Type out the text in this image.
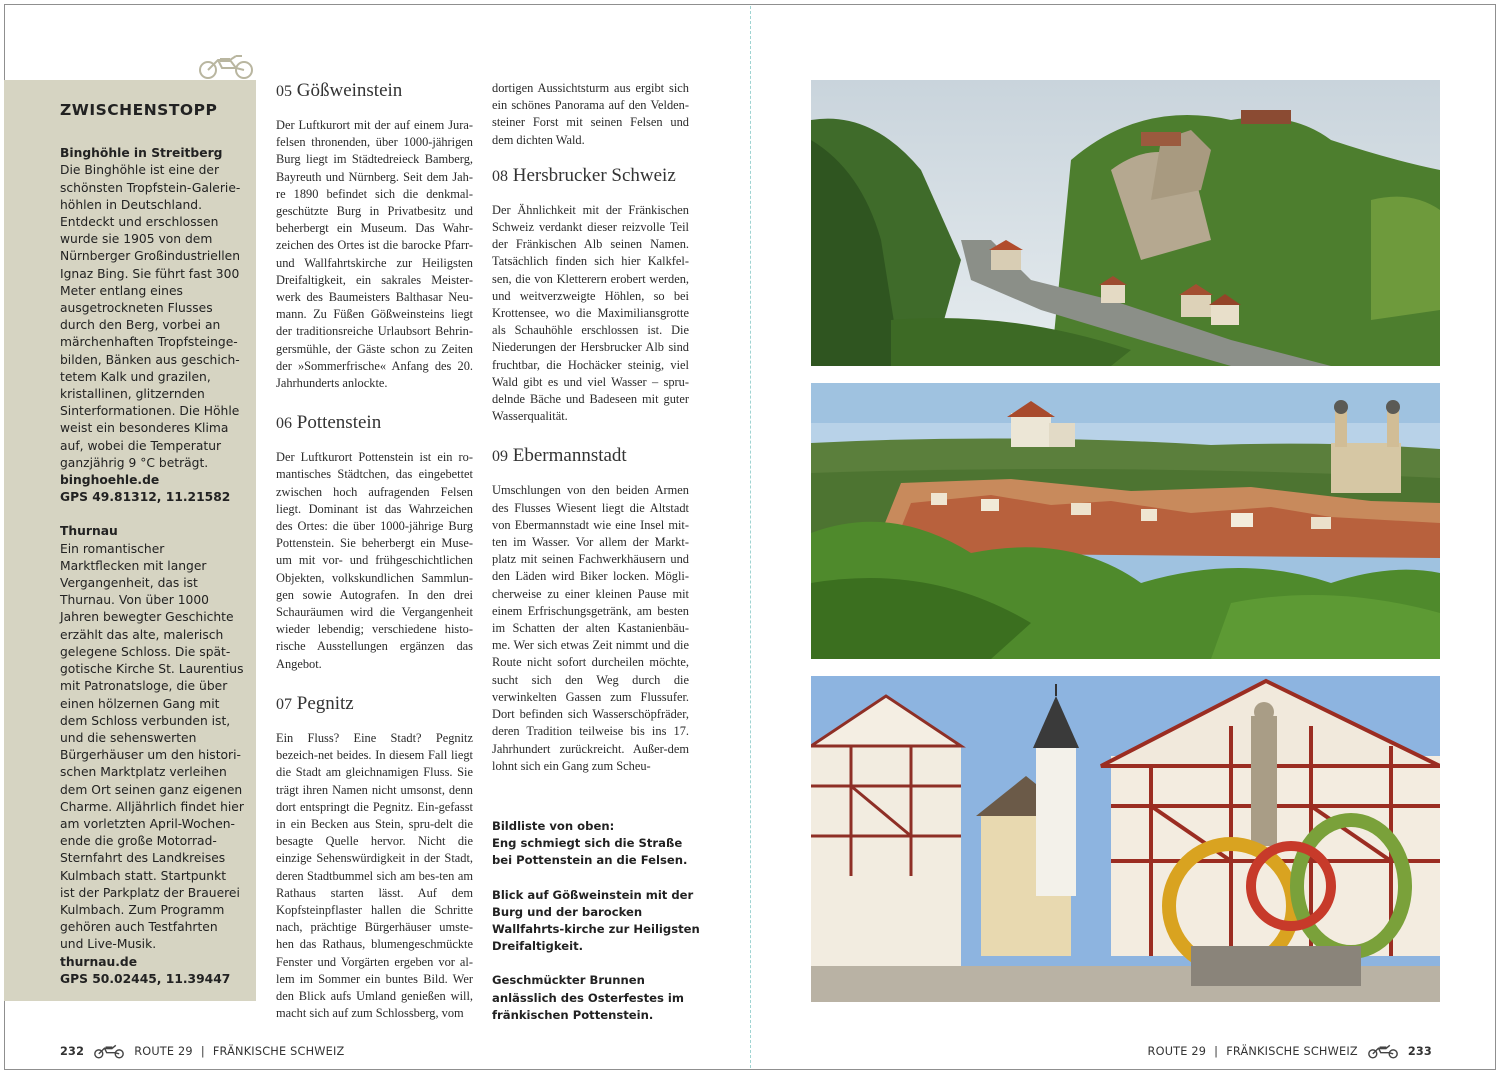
ZWISCHENSTOPP

Binghöhle in Streitberg

Die Binghöhle ist eine der schönsten Tropfstein-Galerie-höhlen in Deutschland. Entdeckt und erschlossen wurde sie 1905 von dem Nürnberger Großindustriellen Ignaz Bing. Sie führt fast 300 Meter entlang eines ausgetrockneten Flusses durch den Berg, vorbei an märchenhaften Tropfsteinge-bilden, Bänken aus geschich-tetem Kalk und grazilen, kristallinen, glitzernden Sinterformationen. Die Höhle weist ein besonderes Klima auf, wobei die Temperatur ganzjährig 9 °C beträgt.

binghoehle.de

GPS 49.81312, 11.21582

Thurnau

Ein romantischer Marktflecken mit langer Vergangenheit, das ist Thurnau. Von über 1000 Jahren bewegter Geschichte erzählt das alte, malerisch gelegene Schloss. Die spät-gotische Kirche St. Laurentius mit Patronatsloge, die über einen hölzernen Gang mit dem Schloss verbunden ist, und die sehenswerten Bürgerhäuser um den histori-schen Marktplatz verleihen dem Ort seinen ganz eigenen Charme. Alljährlich findet hier am vorletzten April-Wochen-ende die große Motorrad-Sternfahrt des Landkreises Kulmbach statt. Startpunkt ist der Parkplatz der Brauerei Kulmbach. Zum Programm gehören auch Testfahrten und Live-Musik.

thurnau.de

GPS 50.02445, 11.39447

05 Gößweinstein

Der Luftkurort mit der auf einem Jura-felsen thronenden, über 1000-jährigen Burg liegt im Städtedreieck Bamberg, Bayreuth und Nürnberg. Seit dem Jah-re 1890 befindet sich die denkmal-geschützte Burg in Privatbesitz und beherbergt ein Museum. Das Wahr-zeichen des Ortes ist die barocke Pfarr- und Wallfahrtskirche zur Heiligsten Dreifaltigkeit, ein sakrales Meister-werk des Baumeisters Balthasar Neu-mann. Zu Füßen Gößweinsteins liegt der traditionsreiche Urlaubsort Behrin-gersmühle, der Gäste schon zu Zeiten der »Sommerfrische« Anfang des 20. Jahrhunderts anlockte.

06 Pottenstein

Der Luftkurort Pottenstein ist ein ro-mantisches Städtchen, das eingebettet zwischen hoch aufragenden Felsen liegt. Dominant ist das Wahrzeichen des Ortes: die über 1000-jährige Burg Pottenstein. Sie beherbergt ein Muse-um mit vor- und frühgeschichtlichen Objekten, volkskundlichen Sammlun-gen sowie Autografen. In den drei Schauräumen wird die Vergangenheit wieder lebendig; verschiedene histo-rische Ausstellungen ergänzen das Angebot.

07 Pegnitz

Ein Fluss? Eine Stadt? Pegnitz bezeich-net beides. In diesem Fall liegt die Stadt am gleichnamigen Fluss. Sie trägt ihren Namen nicht umsonst, denn dort entspringt die Pegnitz. Ein-gefasst in ein Becken aus Stein, spru-delt die besagte Quelle hervor. Nicht die einzige Sehenswürdigkeit in der Stadt, deren Stadtbummel sich am bes-ten am Rathaus starten lässt. Auf dem Kopfsteinpflaster hallen die Schritte nach, prächtige Bürgerhäuser umste-hen das Rathaus, blumengeschmückte Fenster und Vorgärten ergeben vor al-lem im Sommer ein buntes Bild. Wer den Blick aufs Umland genießen will, macht sich auf zum Schlossberg, vom

dortigen Aussichtsturm aus ergibt sich ein schönes Panorama auf den Velden-steiner Forst mit seinen Felsen und dem dichten Wald.

08 Hersbrucker Schweiz

Der Ähnlichkeit mit der Fränkischen Schweiz verdankt dieser reizvolle Teil der Fränkischen Alb seinen Namen. Tatsächlich finden sich hier Kalkfel-sen, die von Kletterern erobert werden, und weitverzweigte Höhlen, so bei Krottensee, wo die Maximiliansgrotte als Schauhöhle erschlossen ist. Die Niederungen der Hersbrucker Alb sind fruchtbar, die Hochäcker steinig, viel Wald gibt es und viel Wasser – spru-delnde Bäche und Badeseen mit guter Wasserqualität.

09 Ebermannstadt

Umschlungen von den beiden Armen des Flusses Wiesent liegt die Altstadt von Ebermannstadt wie eine Insel mit-ten im Wasser. Vor allem der Markt-platz mit seinen Fachwerkhäusern und den Läden wird Biker locken. Mögli-cherweise zu einer kleinen Pause mit einem Erfrischungsgetränk, am besten im Schatten der alten Kastanienbäu-me. Wer sich etwas Zeit nimmt und die Route nicht sofort durcheilen möchte, sucht sich den Weg durch die verwinkelten Gassen zum Flussufer. Dort befinden sich Wasserschöpfräder, deren Tradition teilweise bis ins 17. Jahrhundert zurückreicht. Außer-dem lohnt sich ein Gang zum Scheu-

Bildliste von oben:
Eng schmiegt sich die Straße bei Pottenstein an die Felsen.

Blick auf Gößweinstein mit der Burg und der barocken Wallfahrts-kirche zur Heiligsten Dreifaltigkeit.

Geschmückter Brunnen anlässlich des Osterfestes im fränkischen Pottenstein.

232	ROUTE 29 | FRÄNKISCHE SCHWEIZ	ROUTE 29 | FRÄNKISCHE SCHWEIZ	233
